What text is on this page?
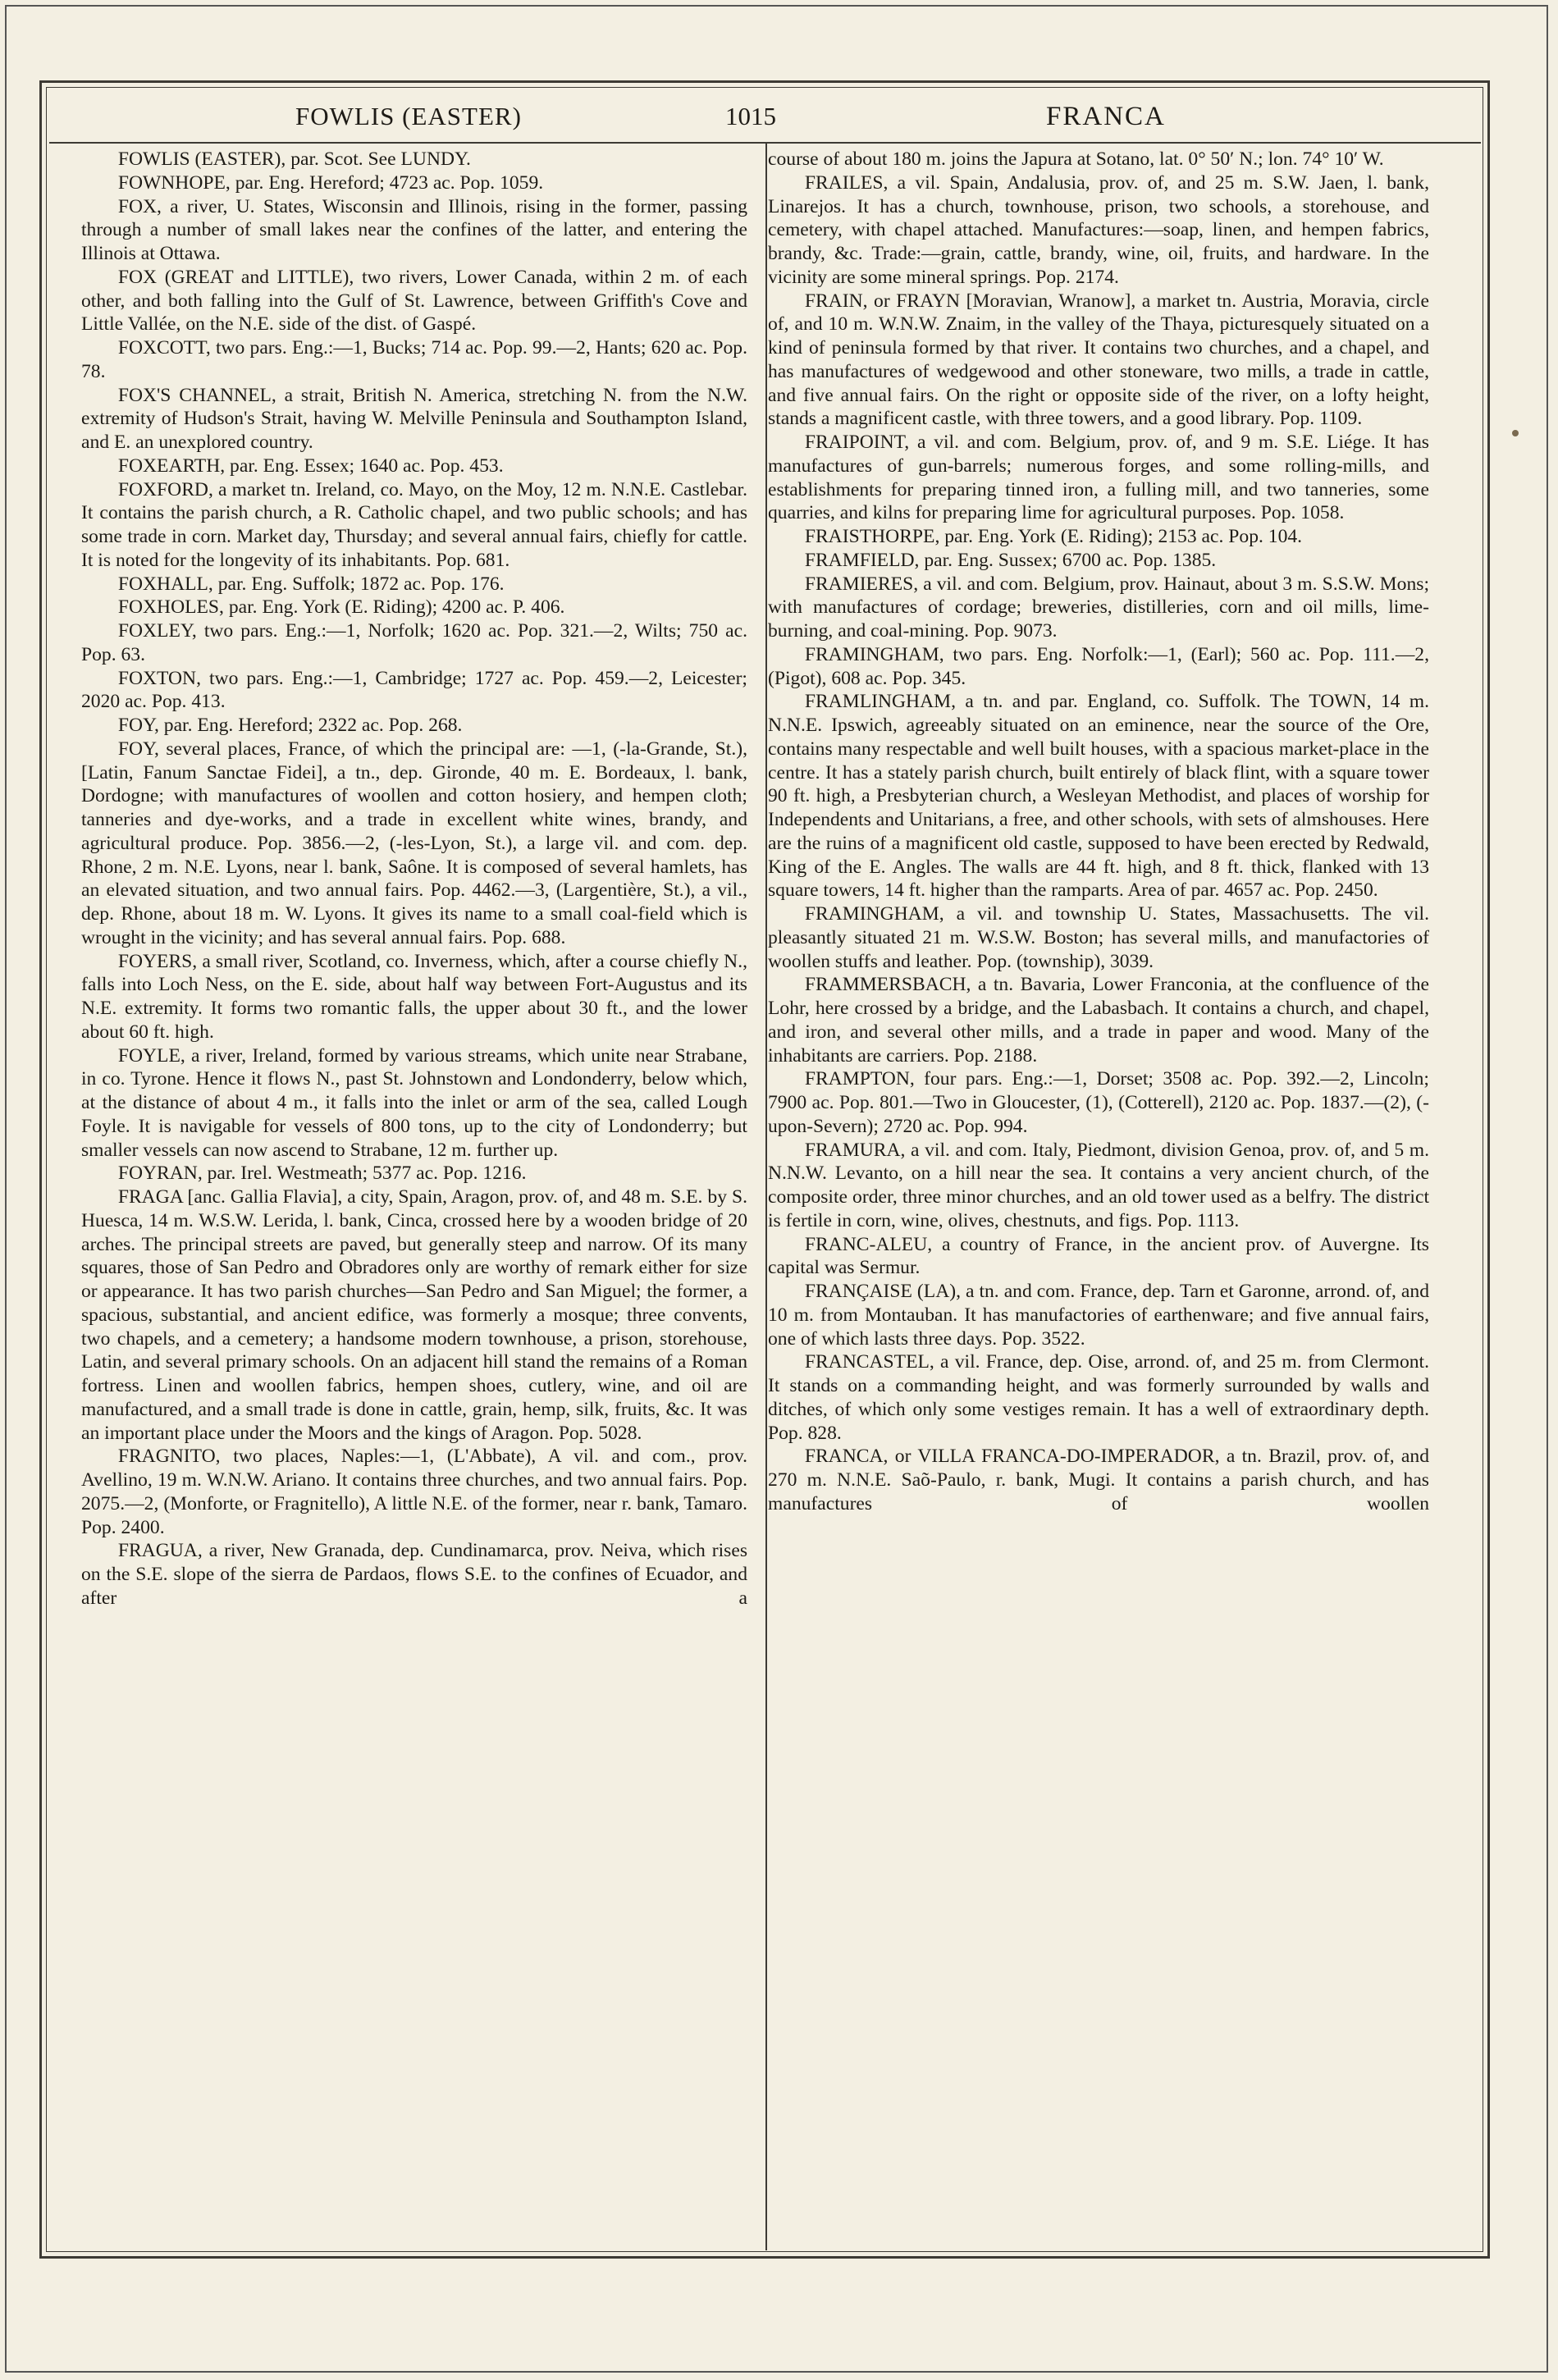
FOWLIS (EASTER)	1015	FRANCA

FOWLIS (EASTER), par. Scot. See LUNDY.

FOWNHOPE, par. Eng. Hereford; 4723 ac. Pop. 1059.

FOX, a river, U. States, Wisconsin and Illinois, rising in the former, passing through a number of small lakes near the confines of the latter, and entering the Illinois at Ottawa.

FOX (GREAT and LITTLE), two rivers, Lower Canada, within 2 m. of each other, and both falling into the Gulf of St. Lawrence, between Griffith's Cove and Little Vallée, on the N.E. side of the dist. of Gaspé.

FOXCOTT, two pars. Eng.:—1, Bucks; 714 ac. Pop. 99.—2, Hants; 620 ac. Pop. 78.

FOX'S CHANNEL, a strait, British N. America, stretching N. from the N.W. extremity of Hudson's Strait, having W. Melville Peninsula and Southampton Island, and E. an unexplored country.

FOXEARTH, par. Eng. Essex; 1640 ac. Pop. 453.

FOXFORD, a market tn. Ireland, co. Mayo, on the Moy, 12 m. N.N.E. Castlebar. It contains the parish church, a R. Catholic chapel, and two public schools; and has some trade in corn. Market day, Thursday; and several annual fairs, chiefly for cattle. It is noted for the longevity of its inhabitants. Pop. 681.

FOXHALL, par. Eng. Suffolk; 1872 ac. Pop. 176.

FOXHOLES, par. Eng. York (E. Riding); 4200 ac. P. 406.

FOXLEY, two pars. Eng.:—1, Norfolk; 1620 ac. Pop. 321.—2, Wilts; 750 ac. Pop. 63.

FOXTON, two pars. Eng.:—1, Cambridge; 1727 ac. Pop. 459.—2, Leicester; 2020 ac. Pop. 413.

FOY, par. Eng. Hereford; 2322 ac. Pop. 268.

FOY, several places, France, of which the principal are: —1, (-la-Grande, St.), [Latin, Fanum Sanctae Fidei], a tn., dep. Gironde, 40 m. E. Bordeaux, l. bank, Dordogne; with manufactures of woollen and cotton hosiery, and hempen cloth; tanneries and dye-works, and a trade in excellent white wines, brandy, and agricultural produce. Pop. 3856.—2, (-les-Lyon, St.), a large vil. and com. dep. Rhone, 2 m. N.E. Lyons, near l. bank, Saône. It is composed of several hamlets, has an elevated situation, and two annual fairs. Pop. 4462.—3, (Largentière, St.), a vil., dep. Rhone, about 18 m. W. Lyons. It gives its name to a small coal-field which is wrought in the vicinity; and has several annual fairs. Pop. 688.

FOYERS, a small river, Scotland, co. Inverness, which, after a course chiefly N., falls into Loch Ness, on the E. side, about half way between Fort-Augustus and its N.E. extremity. It forms two romantic falls, the upper about 30 ft., and the lower about 60 ft. high.

FOYLE, a river, Ireland, formed by various streams, which unite near Strabane, in co. Tyrone. Hence it flows N., past St. Johnstown and Londonderry, below which, at the distance of about 4 m., it falls into the inlet or arm of the sea, called Lough Foyle. It is navigable for vessels of 800 tons, up to the city of Londonderry; but smaller vessels can now ascend to Strabane, 12 m. further up.

FOYRAN, par. Irel. Westmeath; 5377 ac. Pop. 1216.

FRAGA [anc. Gallia Flavia], a city, Spain, Aragon, prov. of, and 48 m. S.E. by S. Huesca, 14 m. W.S.W. Lerida, l. bank, Cinca, crossed here by a wooden bridge of 20 arches. The principal streets are paved, but generally steep and narrow. Of its many squares, those of San Pedro and Obradores only are worthy of remark either for size or appearance. It has two parish churches—San Pedro and San Miguel; the former, a spacious, substantial, and ancient edifice, was formerly a mosque; three convents, two chapels, and a cemetery; a handsome modern townhouse, a prison, storehouse, Latin, and several primary schools. On an adjacent hill stand the remains of a Roman fortress. Linen and woollen fabrics, hempen shoes, cutlery, wine, and oil are manufactured, and a small trade is done in cattle, grain, hemp, silk, fruits, &c. It was an important place under the Moors and the kings of Aragon. Pop. 5028.

FRAGNITO, two places, Naples:—1, (L'Abbate), A vil. and com., prov. Avellino, 19 m. W.N.W. Ariano. It contains three churches, and two annual fairs. Pop. 2075.—2, (Monforte, or Fragnitello), A little N.E. of the former, near r. bank, Tamaro. Pop. 2400.

FRAGUA, a river, New Granada, dep. Cundinamarca, prov. Neiva, which rises on the S.E. slope of the sierra de Pardaos, flows S.E. to the confines of Ecuador, and after a

course of about 180 m. joins the Japura at Sotano, lat. 0° 50′ N.; lon. 74° 10′ W.

FRAILES, a vil. Spain, Andalusia, prov. of, and 25 m. S.W. Jaen, l. bank, Linarejos. It has a church, townhouse, prison, two schools, a storehouse, and cemetery, with chapel attached. Manufactures:—soap, linen, and hempen fabrics, brandy, &c. Trade:—grain, cattle, brandy, wine, oil, fruits, and hardware. In the vicinity are some mineral springs. Pop. 2174.

FRAIN, or FRAYN [Moravian, Wranow], a market tn. Austria, Moravia, circle of, and 10 m. W.N.W. Znaim, in the valley of the Thaya, picturesquely situated on a kind of peninsula formed by that river. It contains two churches, and a chapel, and has manufactures of wedgewood and other stoneware, two mills, a trade in cattle, and five annual fairs. On the right or opposite side of the river, on a lofty height, stands a magnificent castle, with three towers, and a good library. Pop. 1109.

FRAIPOINT, a vil. and com. Belgium, prov. of, and 9 m. S.E. Liége. It has manufactures of gun-barrels; numerous forges, and some rolling-mills, and establishments for preparing tinned iron, a fulling mill, and two tanneries, some quarries, and kilns for preparing lime for agricultural purposes. Pop. 1058.

FRAISTHORPE, par. Eng. York (E. Riding); 2153 ac. Pop. 104.

FRAMFIELD, par. Eng. Sussex; 6700 ac. Pop. 1385.

FRAMIERES, a vil. and com. Belgium, prov. Hainaut, about 3 m. S.S.W. Mons; with manufactures of cordage; breweries, distilleries, corn and oil mills, lime-burning, and coal-mining. Pop. 9073.

FRAMINGHAM, two pars. Eng. Norfolk:—1, (Earl); 560 ac. Pop. 111.—2, (Pigot), 608 ac. Pop. 345.

FRAMLINGHAM, a tn. and par. England, co. Suffolk. The TOWN, 14 m. N.N.E. Ipswich, agreeably situated on an eminence, near the source of the Ore, contains many respectable and well built houses, with a spacious market-place in the centre. It has a stately parish church, built entirely of black flint, with a square tower 90 ft. high, a Presbyterian church, a Wesleyan Methodist, and places of worship for Independents and Unitarians, a free, and other schools, with sets of almshouses. Here are the ruins of a magnificent old castle, supposed to have been erected by Redwald, King of the E. Angles. The walls are 44 ft. high, and 8 ft. thick, flanked with 13 square towers, 14 ft. higher than the ramparts. Area of par. 4657 ac. Pop. 2450.

FRAMINGHAM, a vil. and township U. States, Massachusetts. The vil. pleasantly situated 21 m. W.S.W. Boston; has several mills, and manufactories of woollen stuffs and leather. Pop. (township), 3039.

FRAMMERSBACH, a tn. Bavaria, Lower Franconia, at the confluence of the Lohr, here crossed by a bridge, and the Labasbach. It contains a church, and chapel, and iron, and several other mills, and a trade in paper and wood. Many of the inhabitants are carriers. Pop. 2188.

FRAMPTON, four pars. Eng.:—1, Dorset; 3508 ac. Pop. 392.—2, Lincoln; 7900 ac. Pop. 801.—Two in Gloucester, (1), (Cotterell), 2120 ac. Pop. 1837.—(2), (-upon-Severn); 2720 ac. Pop. 994.

FRAMURA, a vil. and com. Italy, Piedmont, division Genoa, prov. of, and 5 m. N.N.W. Levanto, on a hill near the sea. It contains a very ancient church, of the composite order, three minor churches, and an old tower used as a belfry. The district is fertile in corn, wine, olives, chestnuts, and figs. Pop. 1113.

FRANC-ALEU, a country of France, in the ancient prov. of Auvergne. Its capital was Sermur.

FRANÇAISE (LA), a tn. and com. France, dep. Tarn et Garonne, arrond. of, and 10 m. from Montauban. It has manufactories of earthenware; and five annual fairs, one of which lasts three days. Pop. 3522.

FRANCASTEL, a vil. France, dep. Oise, arrond. of, and 25 m. from Clermont. It stands on a commanding height, and was formerly surrounded by walls and ditches, of which only some vestiges remain. It has a well of extraordinary depth. Pop. 828.

FRANCA, or VILLA FRANCA-DO-IMPERADOR, a tn. Brazil, prov. of, and 270 m. N.N.E. Saõ-Paulo, r. bank, Mugi. It contains a parish church, and has manufactures of woollen
